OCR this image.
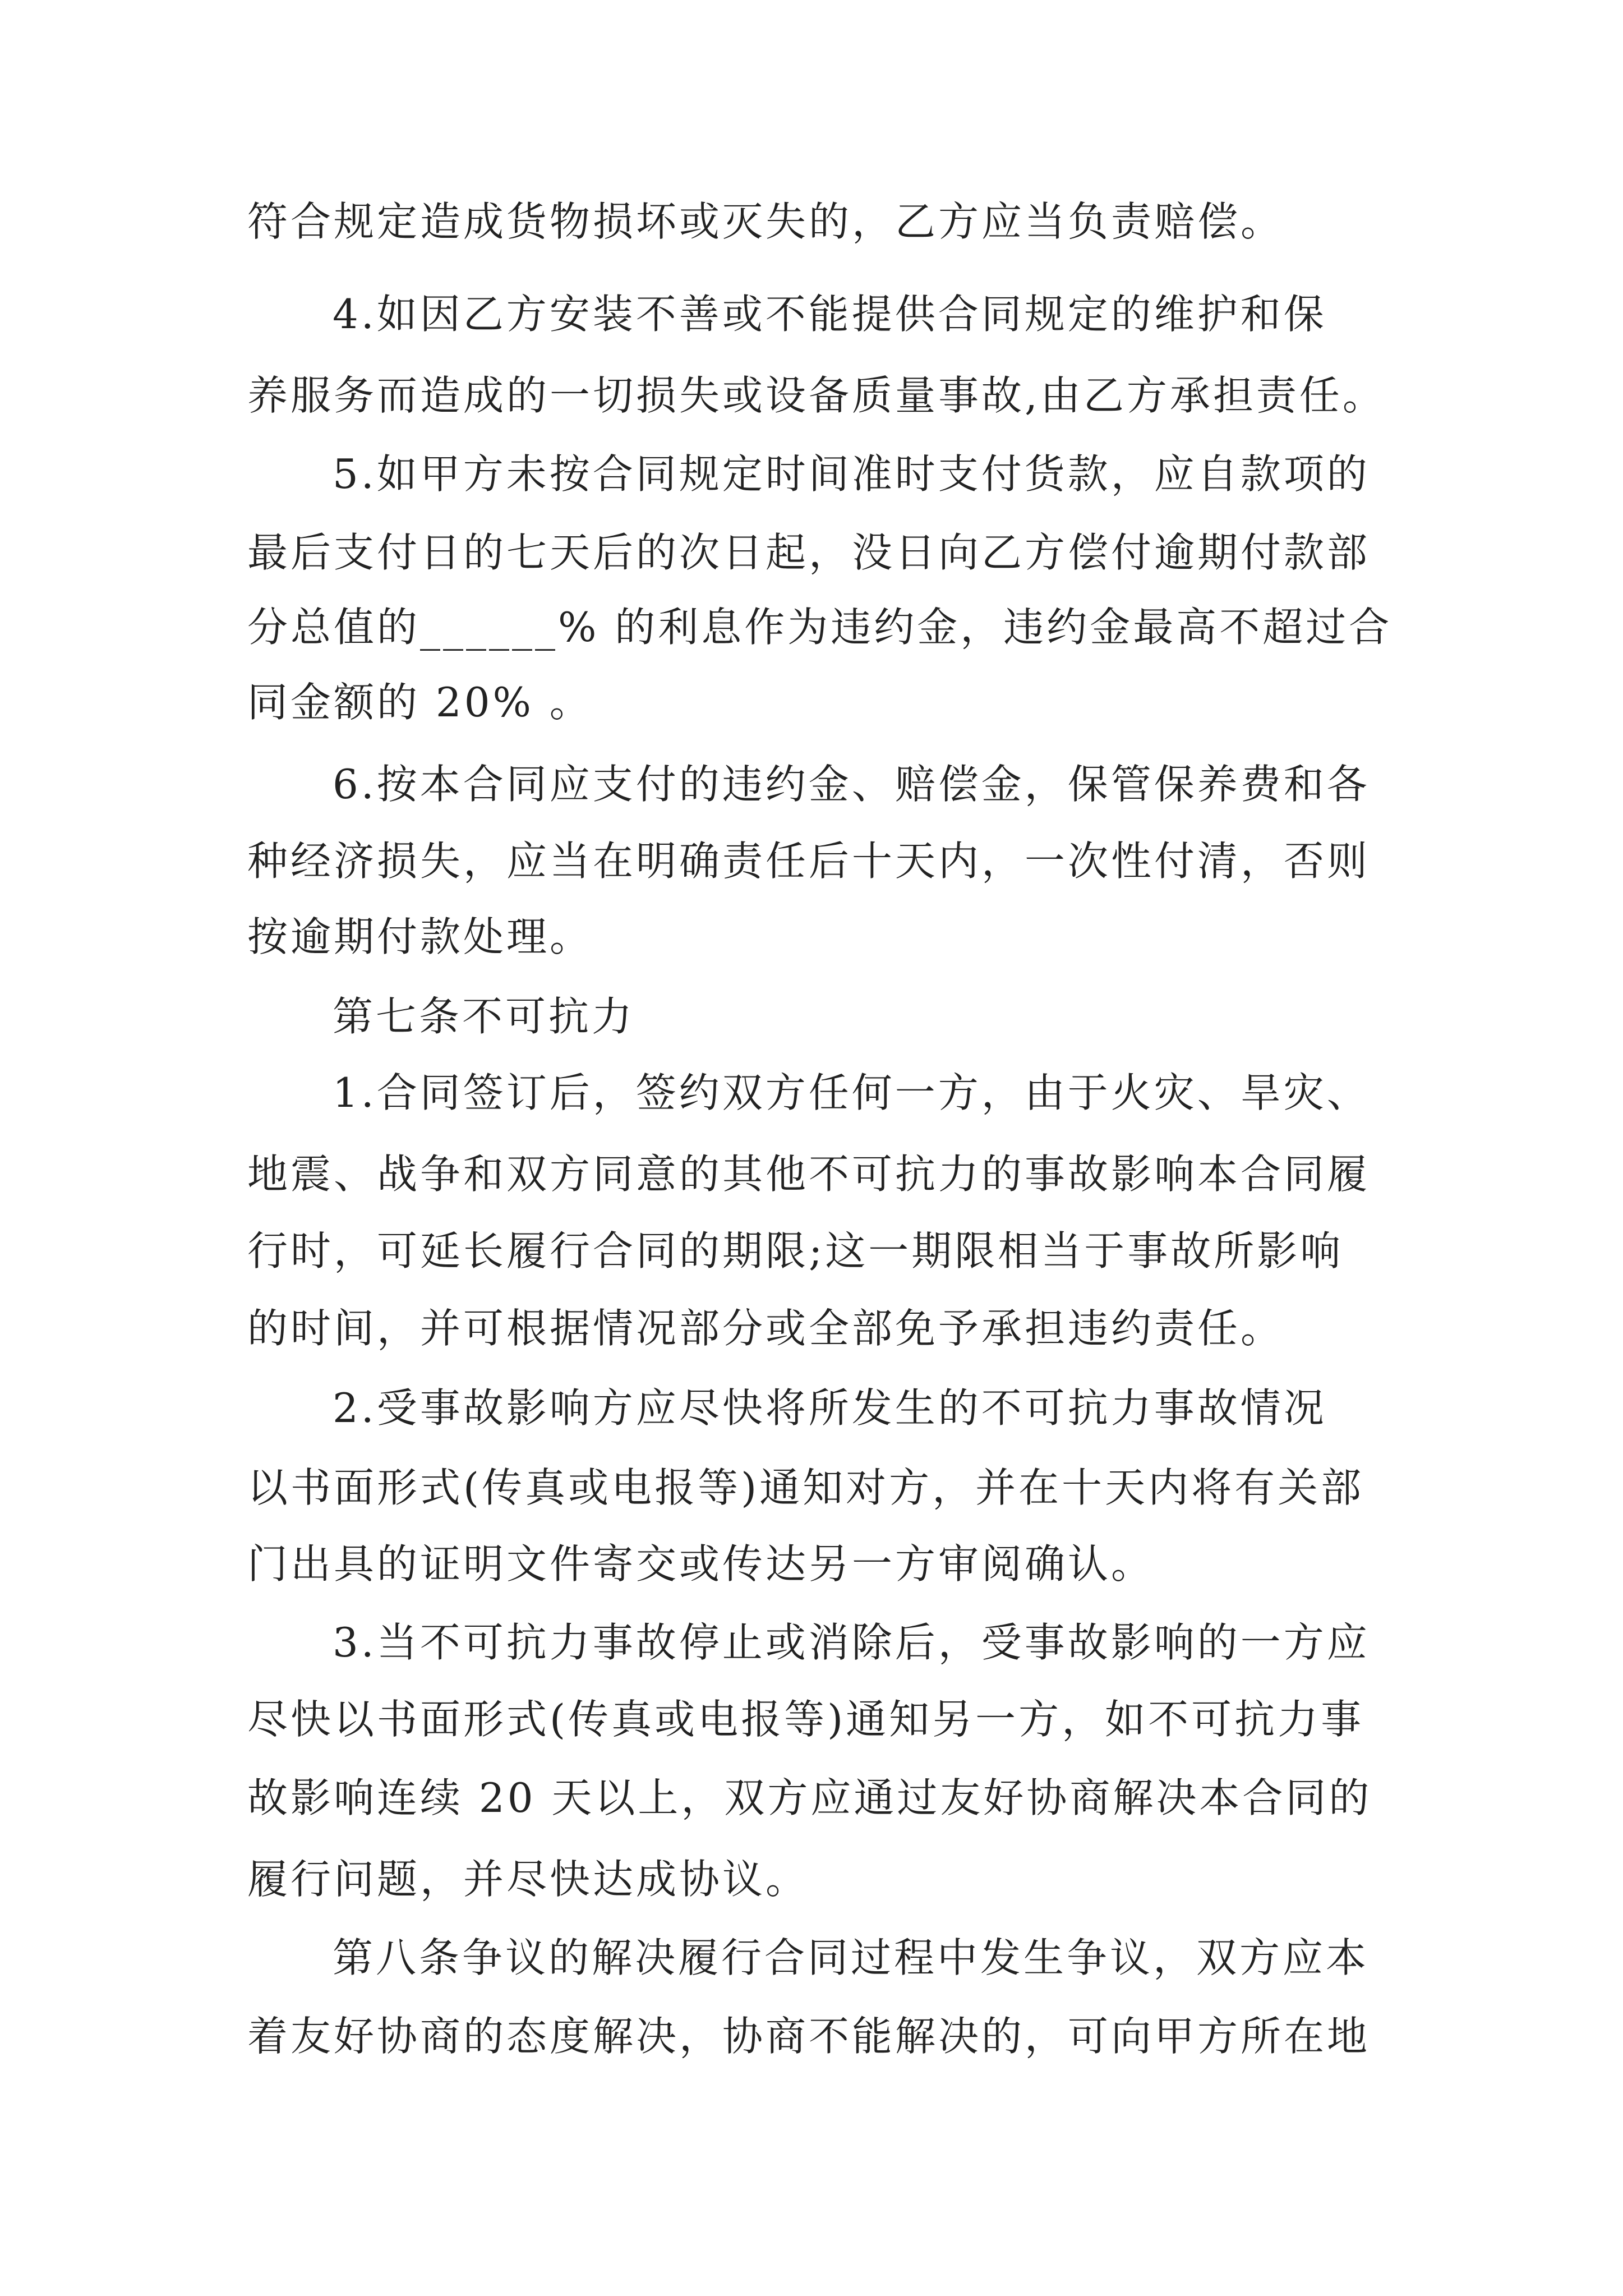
符合规定造成货物损坏或灭失的，乙方应当负责赔偿。

4.如因乙方安装不善或不能提供合同规定的维护和保

养服务而造成的一切损失或设备质量事故,由乙方承担责任。

5.如甲方未按合同规定时间准时支付货款，应自款项的

最后支付日的七天后的次日起，没日向乙方偿付逾期付款部

分总值的______% 的利息作为违约金，违约金最高不超过合

同金额的 20% 。

6.按本合同应支付的违约金、赔偿金，保管保养费和各

种经济损失，应当在明确责任后十天内，一次性付清，否则

按逾期付款处理。

第七条不可抗力

1.合同签订后，签约双方任何一方，由于火灾、旱灾、

地震、战争和双方同意的其他不可抗力的事故影响本合同履

行时，可延长履行合同的期限;这一期限相当于事故所影响

的时间，并可根据情况部分或全部免予承担违约责任。

2.受事故影响方应尽快将所发生的不可抗力事故情况

以书面形式(传真或电报等)通知对方，并在十天内将有关部

门出具的证明文件寄交或传达另一方审阅确认。

3.当不可抗力事故停止或消除后，受事故影响的一方应

尽快以书面形式(传真或电报等)通知另一方，如不可抗力事

故影响连续 20 天以上，双方应通过友好协商解决本合同的

履行问题，并尽快达成协议。

第八条争议的解决履行合同过程中发生争议，双方应本

着友好协商的态度解决，协商不能解决的，可向甲方所在地
